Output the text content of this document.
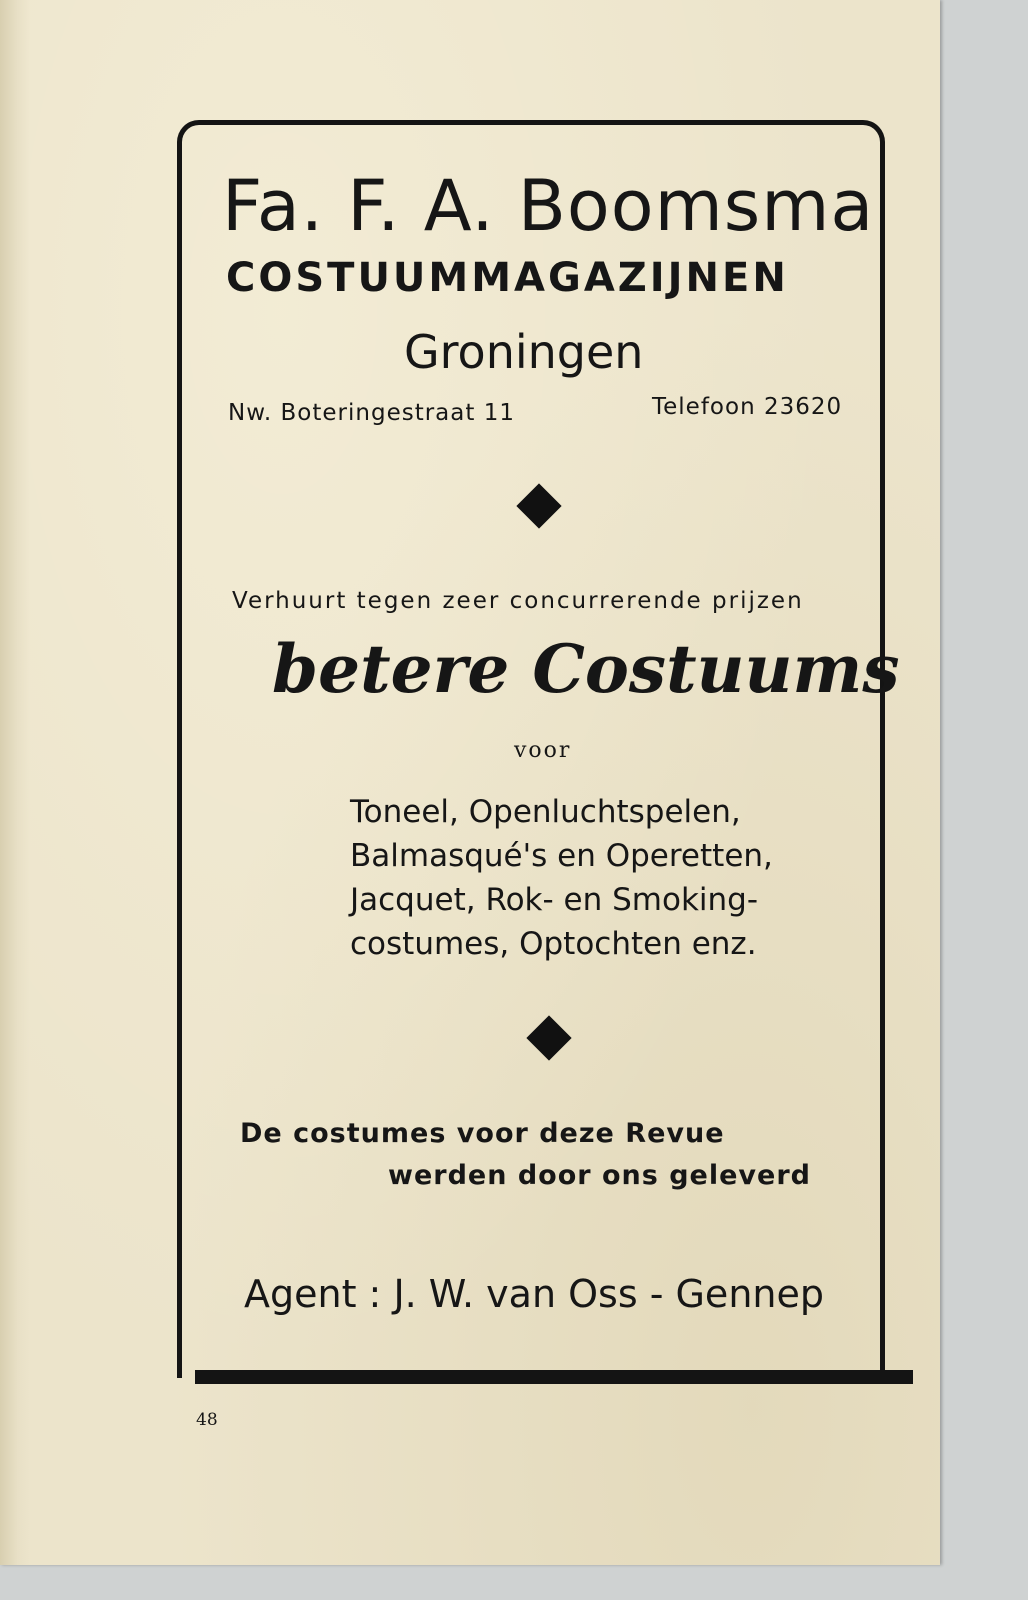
Fa. F. A. Boomsma

COSTUUMMAGAZIJNEN

Groningen

Nw. Boteringestraat 11	Telefoon 23620

Verhuurt tegen zeer concurrerende prijzen

betere Costuums

voor

Toneel, Openluchtspelen,
Balmasqué's en Operetten,
Jacquet, Rok- en Smoking-
costumes, Optochten enz.

De costumes voor deze Revue

werden door ons geleverd

Agent : J. W. van Oss - Gennep

48
